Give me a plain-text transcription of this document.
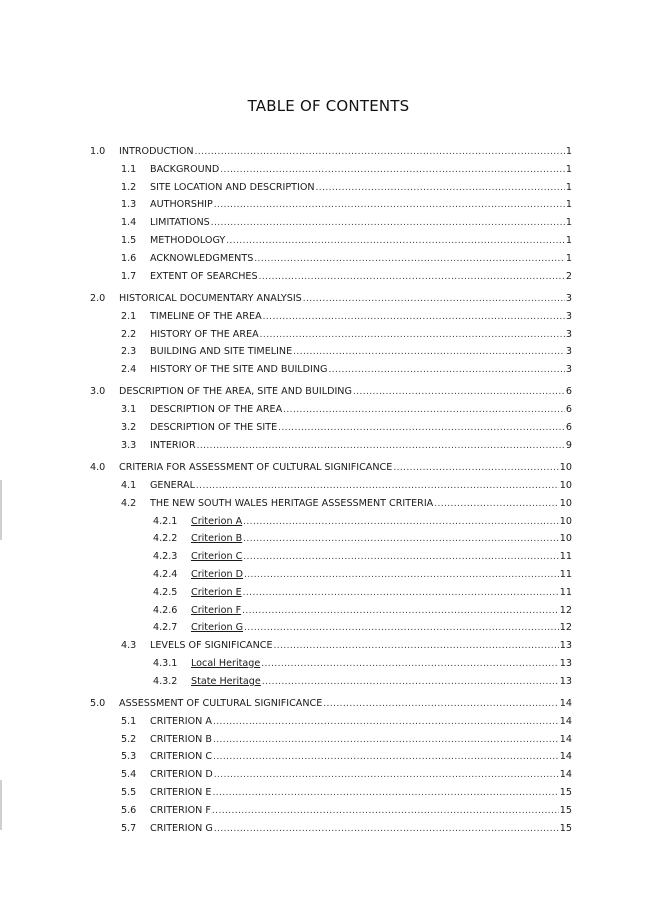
TABLE OF CONTENTS
1.0	INTRODUCTION .....	1
1.1	BACKGROUND .....	1
1.2	SITE LOCATION AND DESCRIPTION .....	1
1.3	AUTHORSHIP .....	1
1.4	LIMITATIONS .....	1
1.5	METHODOLOGY .....	1
1.6	ACKNOWLEDGMENTS .....	1
1.7	EXTENT OF SEARCHES .....	2
2.0	HISTORICAL DOCUMENTARY ANALYSIS .....	3
2.1	TIMELINE OF THE AREA .....	3
2.2	HISTORY OF THE AREA .....	3
2.3	BUILDING AND SITE TIMELINE .....	3
2.4	HISTORY OF THE SITE AND BUILDING .....	3
3.0	DESCRIPTION OF THE AREA, SITE AND BUILDING .....	6
3.1	DESCRIPTION OF THE AREA .....	6
3.2	DESCRIPTION OF THE SITE .....	6
3.3	INTERIOR .....	9
4.0	CRITERIA FOR ASSESSMENT OF CULTURAL SIGNIFICANCE .....	10
4.1	GENERAL .....	10
4.2	THE NEW SOUTH WALES HERITAGE ASSESSMENT CRITERIA .....	10
4.2.1	Criterion A .....	10
4.2.2	Criterion B .....	10
4.2.3	Criterion C .....	11
4.2.4	Criterion D .....	11
4.2.5	Criterion E .....	11
4.2.6	Criterion F .....	12
4.2.7	Criterion G .....	12
4.3	LEVELS OF SIGNIFICANCE .....	13
4.3.1	Local Heritage .....	13
4.3.2	State Heritage .....	13
5.0	ASSESSMENT OF CULTURAL SIGNIFICANCE .....	14
5.1	CRITERION A .....	14
5.2	CRITERION B .....	14
5.3	CRITERION C .....	14
5.4	CRITERION D .....	14
5.5	CRITERION E .....	15
5.6	CRITERION F .....	15
5.7	CRITERION G .....	15
